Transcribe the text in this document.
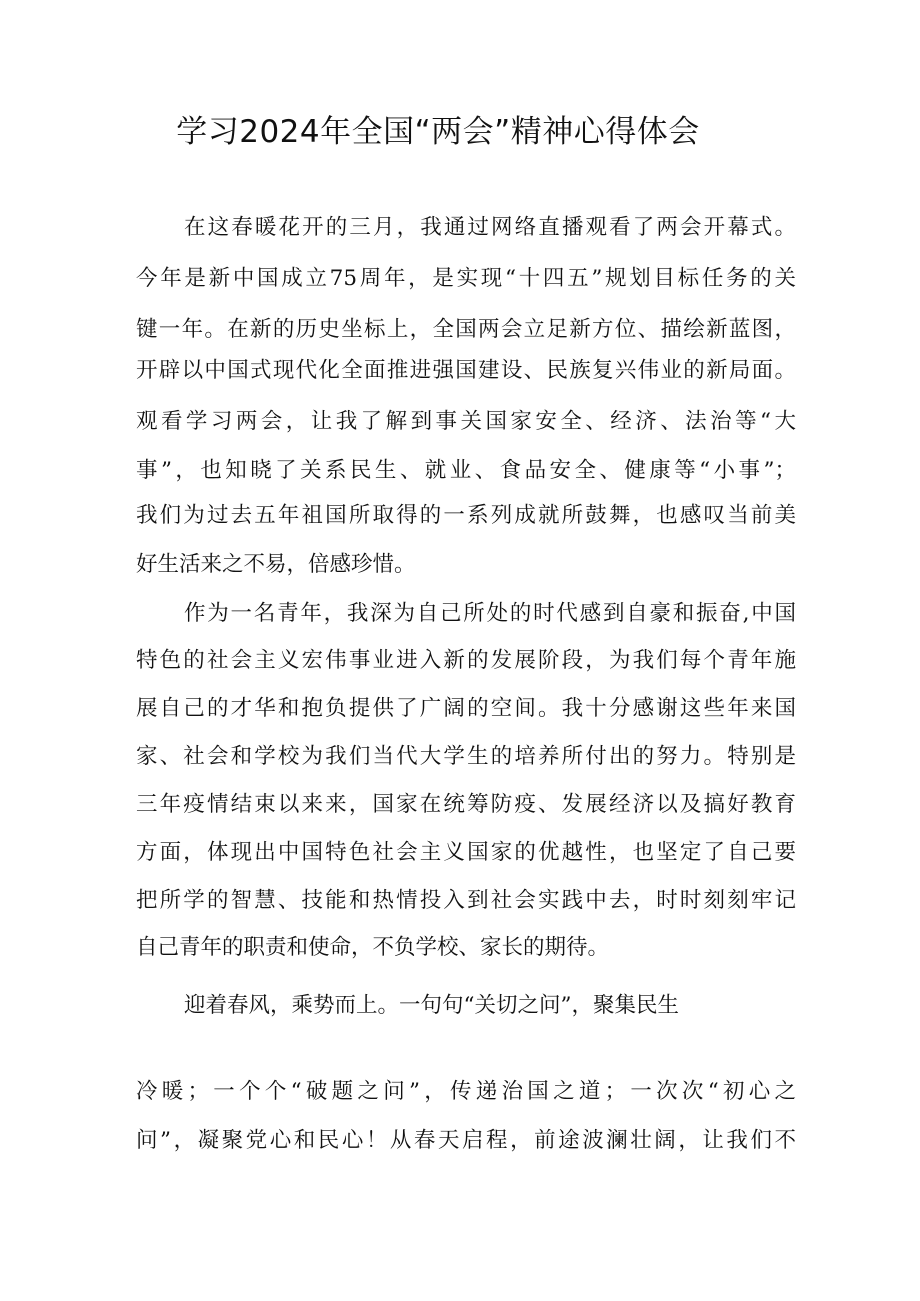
学习2024年全国“两会”精神心得体会

在这春暖花开的三月，我通过网络直播观看了两会开幕式。

今年是新中国成立75周年，是实现“十四五”规划目标任务的关

键一年。在新的历史坐标上，全国两会立足新方位、描绘新蓝图，

开辟以中国式现代化全面推进强国建设、民族复兴伟业的新局面。

观看学习两会，让我了解到事关国家安全、经济、法治等“大

事”，也知晓了关系民生、就业、食品安全、健康等“小事”；

我们为过去五年祖国所取得的一系列成就所鼓舞，也感叹当前美

好生活来之不易，倍感珍惜。

作为一名青年，我深为自己所处的时代感到自豪和振奋,中国

特色的社会主义宏伟事业进入新的发展阶段，为我们每个青年施

展自己的才华和抱负提供了广阔的空间。我十分感谢这些年来国

家、社会和学校为我们当代大学生的培养所付出的努力。特别是

三年疫情结束以来来，国家在统筹防疫、发展经济以及搞好教育

方面，体现出中国特色社会主义国家的优越性，也坚定了自己要

把所学的智慧、技能和热情投入到社会实践中去，时时刻刻牢记

自己青年的职责和使命，不负学校、家长的期待。

迎着春风，乘势而上。一句句“关切之问”，聚集民生

冷暖；一个个“破题之问”，传递治国之道；一次次“初心之

问”，凝聚党心和民心！从春天启程，前途波澜壮阔，让我们不
